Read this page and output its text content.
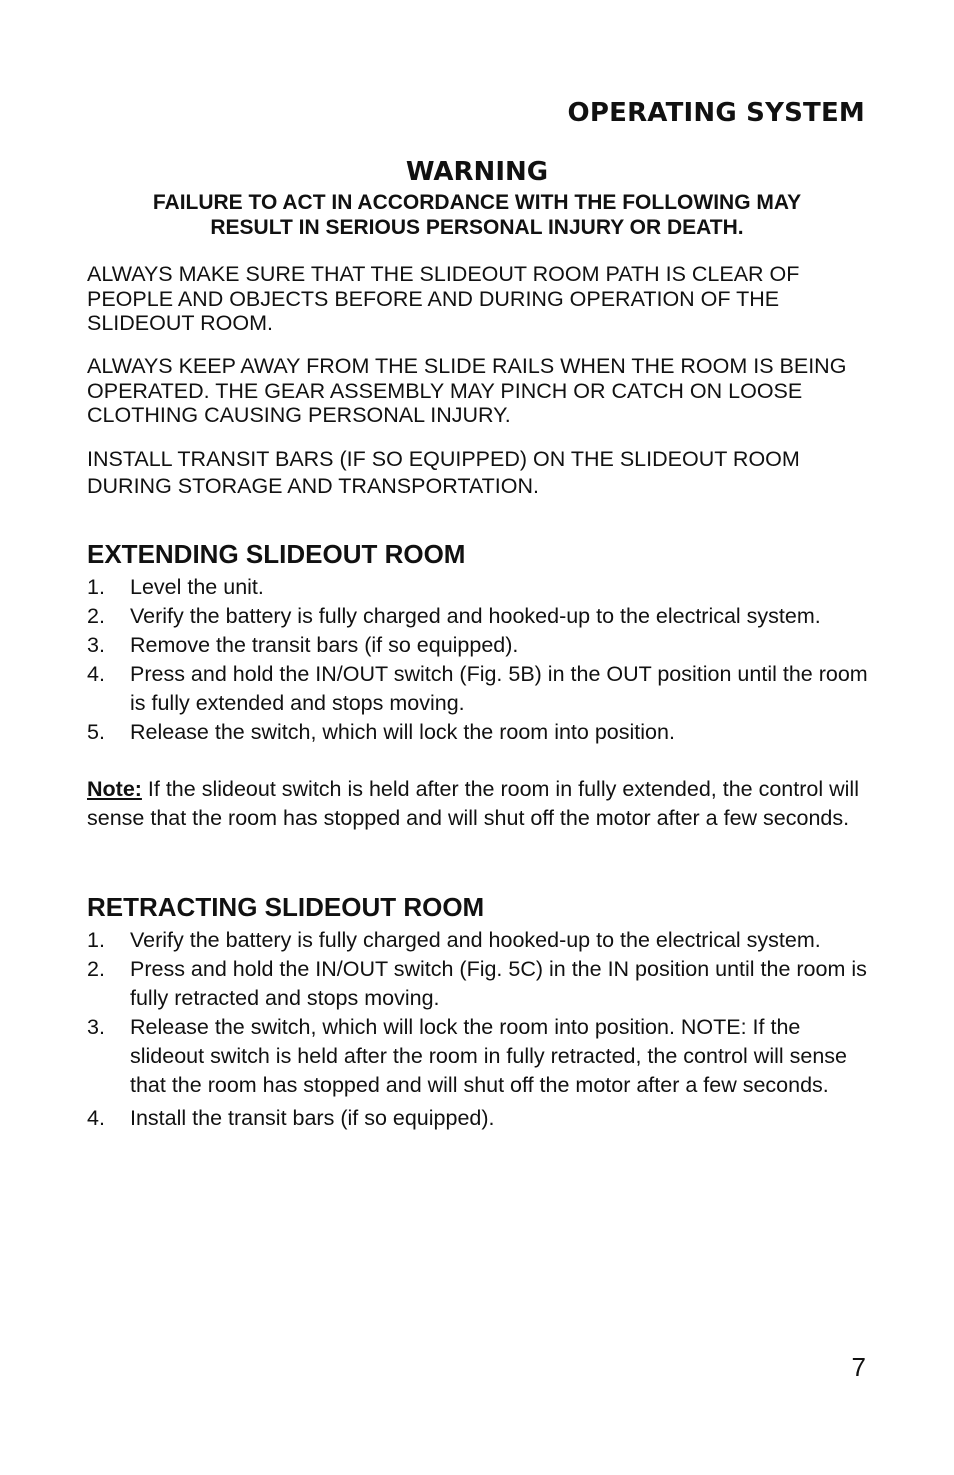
OPERATING SYSTEM

WARNING

FAILURE TO ACT IN ACCORDANCE WITH THE FOLLOWING MAY

RESULT IN SERIOUS PERSONAL INJURY OR DEATH.

ALWAYS MAKE SURE THAT THE SLIDEOUT ROOM PATH IS CLEAR OF PEOPLE AND OBJECTS BEFORE AND DURING OPERATION OF THE SLIDEOUT ROOM.

ALWAYS KEEP AWAY FROM THE SLIDE RAILS WHEN THE ROOM IS BEING OPERATED. THE GEAR ASSEMBLY MAY PINCH OR CATCH ON LOOSE CLOTHING CAUSING PERSONAL INJURY.

INSTALL TRANSIT BARS (IF SO EQUIPPED) ON THE SLIDEOUT ROOM DURING STORAGE AND TRANSPORTATION.

EXTENDING SLIDEOUT ROOM
1. Level the unit.
2. Verify the battery is fully charged and hooked-up to the electrical system.
3. Remove the transit bars (if so equipped).
4. Press and hold the IN/OUT switch (Fig. 5B) in the OUT position until the room is fully extended and stops moving.
5. Release the switch, which will lock the room into position.

Note: If the slideout switch is held after the room in fully extended, the control will sense that the room has stopped and will shut off the motor after a few seconds.

RETRACTING SLIDEOUT ROOM
1. Verify the battery is fully charged and hooked-up to the electrical system.
2. Press and hold the IN/OUT switch (Fig. 5C) in the IN position until the room is fully retracted and stops moving.
3. Release the switch, which will lock the room into position. NOTE: If the slideout switch is held after the room in fully retracted, the control will sense that the room has stopped and will shut off the motor after a few seconds.
4. Install the transit bars (if so equipped).

7
